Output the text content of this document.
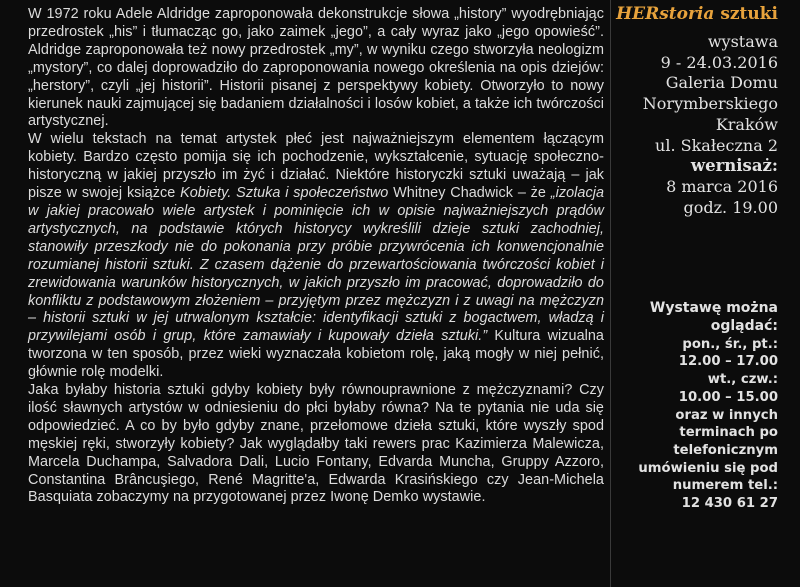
W 1972 roku Adele Aldridge zaproponowała dekonstrukcje słowa „history” wyodrębniając przedrostek „his” i tłumacząc go, jako zaimek „jego”, a cały wyraz jako „jego opowieść”. Aldridge zaproponowała też nowy przedrostek „my”, w wyniku czego stworzyła neologizm „mystory”, co dalej doprowadziło do zaproponowania nowego określenia na opis dziejów: „herstory”, czyli „jej historii”. Historii pisanej z perspektywy kobiety. Otworzyło to nowy kierunek nauki zajmującej się badaniem działalności i losów kobiet, a także ich twórczości artystycznej.

W wielu tekstach na temat artystek płeć jest najważniejszym elementem łączącym kobiety. Bardzo często pomija się ich pochodzenie, wykształcenie, sytuację społeczno-historyczną w jakiej przyszło im żyć i działać. Niektóre historyczki sztuki uważają – jak pisze w swojej książce Kobiety. Sztuka i społeczeństwo Whitney Chadwick – że „izolacja w jakiej pracowało wiele artystek i pominięcie ich w opisie najważniejszych prądów artystycznych, na podstawie których historycy wykreślili dzieje sztuki zachodniej, stanowiły przeszkody nie do pokonania przy próbie przywrócenia ich konwencjonalnie rozumianej historii sztuki. Z czasem dążenie do przewartościowania twórczości kobiet i zrewidowania warunków historycznych, w jakich przyszło im pracować, doprowadziło do konfliktu z podstawowym złożeniem – przyjętym przez mężczyzn i z uwagi na mężczyzn – historii sztuki w jej utrwalonym kształcie: identyfikacji sztuki z bogactwem, władzą i przywilejami osób i grup, które zamawiały i kupowały dzieła sztuki.” Kultura wizualna tworzona w ten sposób, przez wieki wyznaczała kobietom rolę, jaką mogły w niej pełnić, głównie rolę modelki.

Jaka byłaby historia sztuki gdyby kobiety były równouprawnione z mężczyznami? Czy ilość sławnych artystów w odniesieniu do płci byłaby równa? Na te pytania nie uda się odpowiedzieć. A co by było gdyby znane, przełomowe dzieła sztuki, które wyszły spod męskiej ręki, stworzyły kobiety? Jak wyglądałby taki rewers prac Kazimierza Malewicza, Marcela Duchampa, Salvadora Dali, Lucio Fontany, Edvarda Muncha, Gruppy Azzoro, Constantina Brâncuşiego, René Magritte'a, Edwarda Krasińskiego czy Jean-Michela Basquiata zobaczymy na przygotowanej przez Iwonę Demko wystawie.

HERstoria sztuki
wystawa
9 - 24.03.2016
Galeria Domu
Norymberskiego
Kraków
ul. Skałeczna 2
wernisaż:
8 marca 2016
godz. 19.00
Wystawę można
oglądać:
pon., śr., pt.:
12.00 – 17.00
wt., czw.:
10.00 – 15.00
oraz w innych
terminach po
telefonicznym
umówieniu się pod
numerem tel.:
12 430 61 27
